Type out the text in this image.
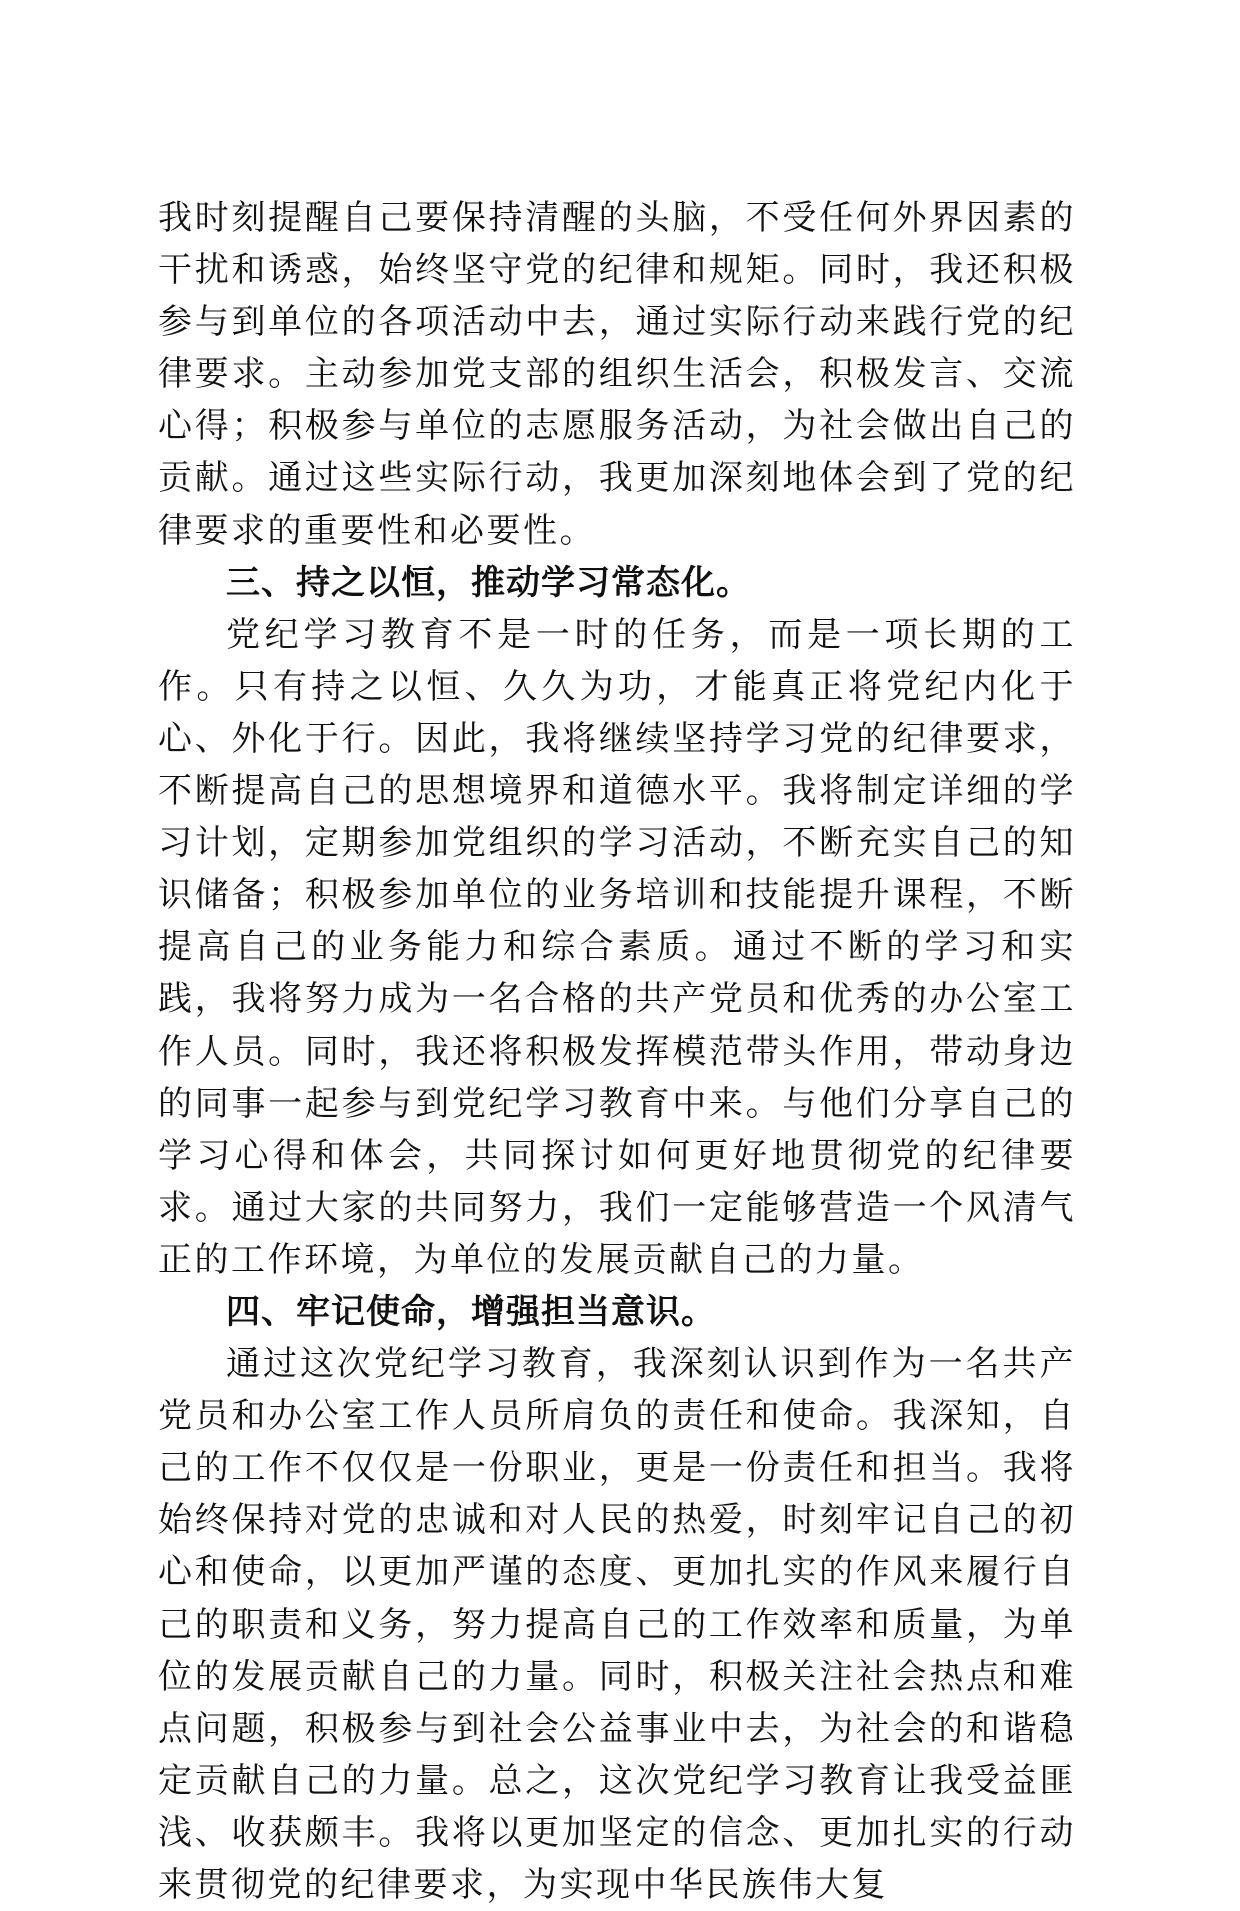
我时刻提醒自己要保持清醒的头脑，不受任何外界因素的干扰和诱惑，始终坚守党的纪律和规矩。同时，我还积极参与到单位的各项活动中去，通过实际行动来践行党的纪律要求。主动参加党支部的组织生活会，积极发言、交流心得；积极参与单位的志愿服务活动，为社会做出自己的贡献。通过这些实际行动，我更加深刻地体会到了党的纪律要求的重要性和必要性。

三、持之以恒，推动学习常态化。

党纪学习教育不是一时的任务，而是一项长期的工作。只有持之以恒、久久为功，才能真正将党纪内化于心、外化于行。因此，我将继续坚持学习党的纪律要求，不断提高自己的思想境界和道德水平。我将制定详细的学习计划，定期参加党组织的学习活动，不断充实自己的知识储备；积极参加单位的业务培训和技能提升课程，不断提高自己的业务能力和综合素质。通过不断的学习和实践，我将努力成为一名合格的共产党员和优秀的办公室工作人员。同时，我还将积极发挥模范带头作用，带动身边的同事一起参与到党纪学习教育中来。与他们分享自己的学习心得和体会，共同探讨如何更好地贯彻党的纪律要求。通过大家的共同努力，我们一定能够营造一个风清气正的工作环境，为单位的发展贡献自己的力量。

四、牢记使命，增强担当意识。

通过这次党纪学习教育，我深刻认识到作为一名共产党员和办公室工作人员所肩负的责任和使命。我深知，自己的工作不仅仅是一份职业，更是一份责任和担当。我将始终保持对党的忠诚和对人民的热爱，时刻牢记自己的初心和使命，以更加严谨的态度、更加扎实的作风来履行自己的职责和义务，努力提高自己的工作效率和质量，为单位的发展贡献自己的力量。同时，积极关注社会热点和难点问题，积极参与到社会公益事业中去，为社会的和谐稳定贡献自己的力量。总之，这次党纪学习教育让我受益匪浅、收获颇丰。我将以更加坚定的信念、更加扎实的行动来贯彻党的纪律要求，为实现中华民族伟大复
